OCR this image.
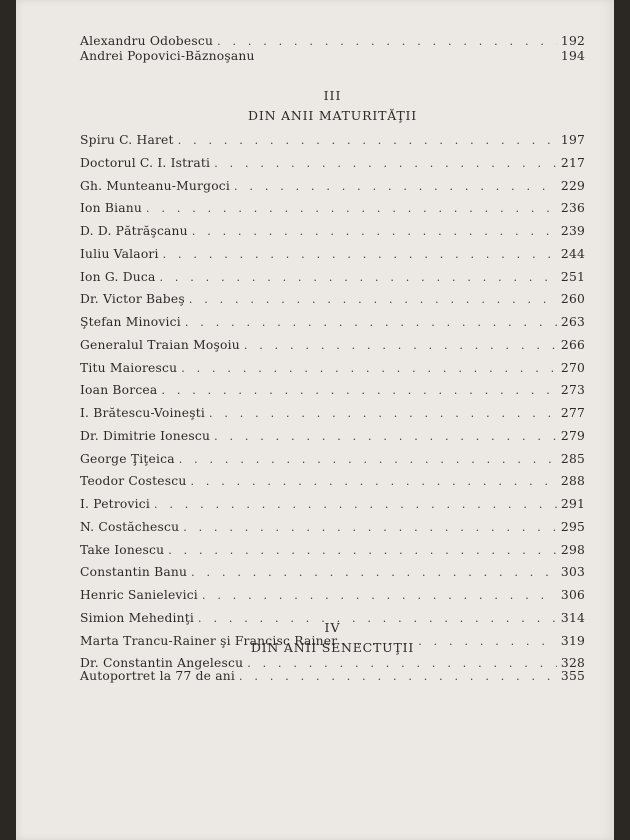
Alexandru Odobescu . . .	192
Andrei Popovici-Băznoşanu	194
III
DIN ANII MATURITĂŢII
Spiru C. Haret . . .	197
Doctorul C. I. Istrati . . .	217
Gh. Munteanu-Murgoci . . .	229
Ion Bianu . . .	236
D. D. Pătrăşcanu . . .	239
Iuliu Valaori . . .	244
Ion G. Duca . . .	251
Dr. Victor Babeş . . .	260
Ştefan Minovici . . .	263
Generalul Traian Moşoiu . . .	266
Titu Maiorescu . . .	270
Ioan Borcea . . .	273
I. Brătescu-Voineşti . . .	277
Dr. Dimitrie Ionescu . . .	279
George Ţiţeica . . .	285
Teodor Costescu . . .	288
I. Petrovici . . .	291
N. Costăchescu . . .	295
Take Ionescu . . .	298
Constantin Banu . . .	303
Henric Sanielevici . . .	306
Simion Mehedinţi . . .	314
Marta Trancu-Rainer şi Francisc Rainer . . .	319
Dr. Constantin Angelescu . . .	328
IV
DIN ANII SENECTUŢII
Autoportret la 77 de ani . . .	355
